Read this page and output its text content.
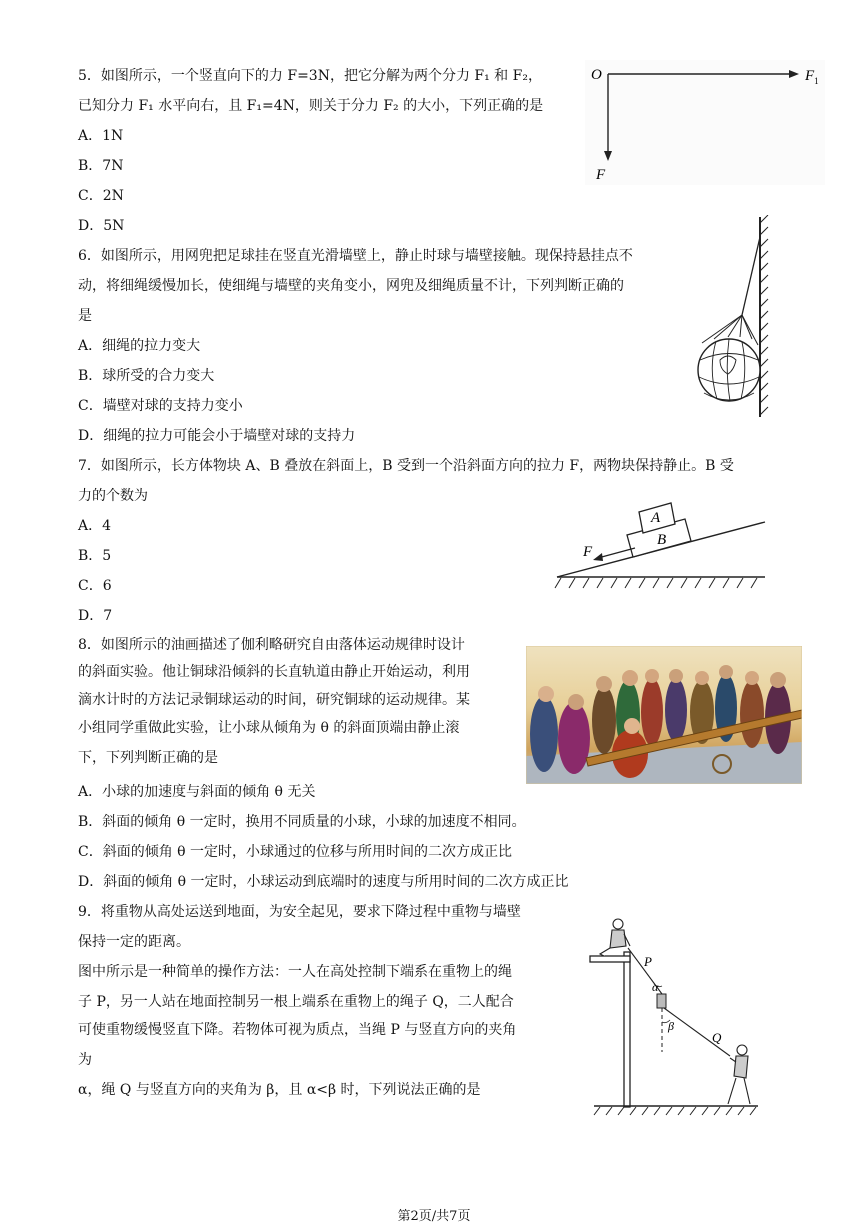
5．如图所示，一个竖直向下的力 F=3N，把它分解为两个分力 F₁ 和 F₂，
已知分力 F₁ 水平向右，且 F₁=4N，则关于分力 F₂ 的大小，下列正确的是
A．1N
B．7N
C．2N
D．5N
O	$F_1$
F
6．如图所示，用网兜把足球挂在竖直光滑墙壁上，静止时球与墙壁接触。现保持悬挂点不
动，将细绳缓慢加长，使细绳与墙壁的夹角变小，网兜及细绳质量不计，下列判断正确的
是
A．细绳的拉力变大
B．球所受的合力变大
C．墙壁对球的支持力变小
D．细绳的拉力可能会小于墙壁对球的支持力
7．如图所示，长方体物块 A、B 叠放在斜面上，B 受到一个沿斜面方向的拉力 F，两物块保持静止。B 受
力的个数为
A．4
B．5
C．6
D．7
A
B
F
8．如图所示的油画描述了伽利略研究自由落体运动规律时设计
的斜面实验。他让铜球沿倾斜的长直轨道由静止开始运动，利用
滴水计时的方法记录铜球运动的时间，研究铜球的运动规律。某
小组同学重做此实验，让小球从倾角为 θ 的斜面顶端由静止滚
下，下列判断正确的是
A．小球的加速度与斜面的倾角 θ 无关
B．斜面的倾角 θ 一定时，换用不同质量的小球，小球的加速度不相同。
C．斜面的倾角 θ 一定时，小球通过的位移与所用时间的二次方成正比
D．斜面的倾角 θ 一定时，小球运动到底端时的速度与所用时间的二次方成正比
9．将重物从高处运送到地面，为安全起见，要求下降过程中重物与墙壁
保持一定的距离。
图中所示是一种简单的操作方法：一人在高处控制下端系在重物上的绳
子 P，另一人站在地面控制另一根上端系在重物上的绳子 Q，二人配合
可使重物缓慢竖直下降。若物体可视为质点，当绳 P 与竖直方向的夹角
为
α，绳 Q 与竖直方向的夹角为 β，且 α<β 时，下列说法正确的是
P
α
β
Q
第2页/共7页
